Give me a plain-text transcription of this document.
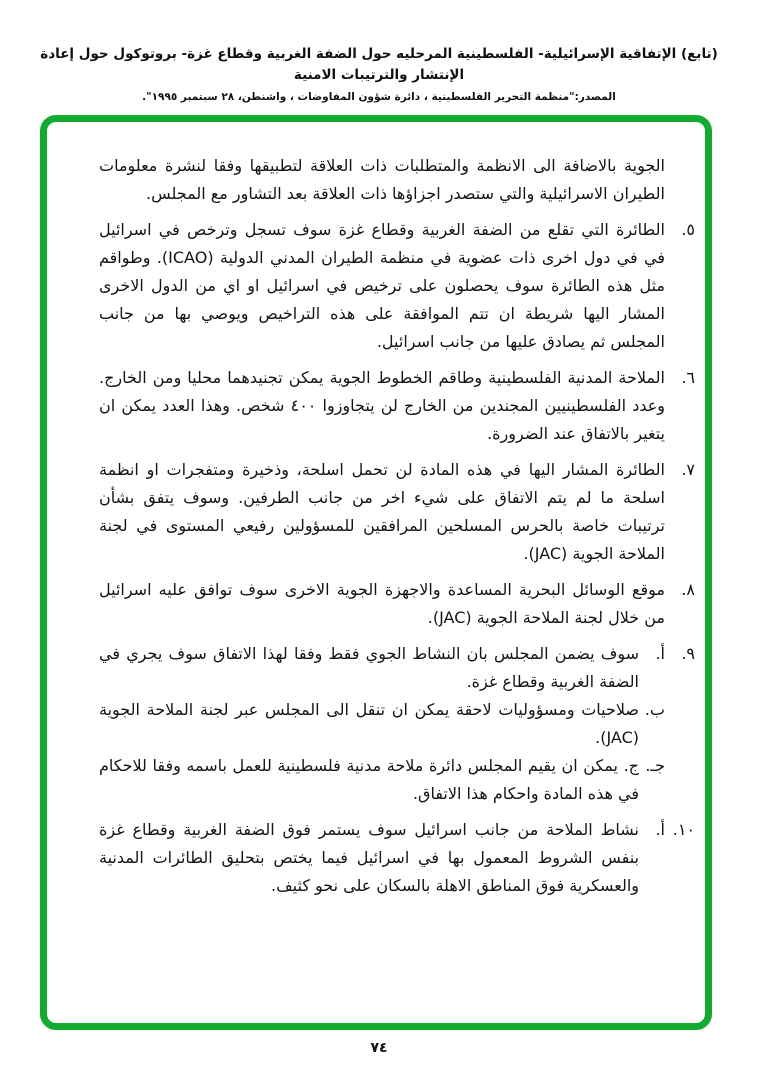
(تابع) الإتفاقية الإسرائيلية- الفلسطينية المرحليه حول الضفة الغربية وقطاع غزة- بروتوكول حول إعادة الإنتشار والترتيبات الامنية
المصدر:"منظمة التحرير الفلسطينية ، دائرة شؤون المفاوضات ، واشنطن، ٢٨ سبتمبر ١٩٩٥".

الجوية بالاضافة الى الانظمة والمتطلبات ذات العلاقة لتطبيقها وفقا لنشرة معلومات الطيران الاسرائيلية والتي ستصدر اجزاؤها ذات العلاقة بعد التشاور مع المجلس.

٥.

الطائرة التي تقلع من الضفة الغربية وقطاع غزة سوف تسجل وترخص في اسرائيل في في دول اخرى ذات عضوية في منظمة الطيران المدني الدولية (ICAO). وطواقم مثل هذه الطائرة سوف يحصلون على ترخيص في اسرائيل او اي من الدول الاخرى المشار اليها شريطة ان تتم الموافقة على هذه التراخيص ويوصي بها من جانب المجلس ثم يصادق عليها من جانب اسرائيل.

٦.

الملاحة المدنية الفلسطينية وطاقم الخطوط الجوية يمكن تجنيدهما محليا ومن الخارج. وعدد الفلسطينيين المجندين من الخارج لن يتجاوزوا ٤٠٠ شخص. وهذا العدد يمكن ان يتغير بالاتفاق عند الضرورة.

٧.

الطائرة المشار اليها في هذه المادة لن تحمل اسلحة، وذخيرة ومتفجرات او انظمة اسلحة ما لم يتم الاتفاق على شيء اخر من جانب الطرفين. وسوف يتفق بشأن ترتيبات خاصة بالحرس المسلحين المرافقين للمسؤولين رفيعي المستوى في لجنة الملاحة الجوية (JAC).

٨.

موقع الوسائل البحرية المساعدة والاجهزة الجوية الاخرى سوف توافق عليه اسرائيل من خلال لجنة الملاحة الجوية (JAC).

٩.
أ.

سوف يضمن المجلس بان النشاط الجوي فقط وفقا لهذا الاتفاق سوف يجري في الضفة الغربية وقطاع غزة.

ب.

صلاحيات ومسؤوليات لاحقة يمكن ان تنقل الى المجلس عبر لجنة الملاحة الجوية (JAC).

جـ.

ج. يمكن ان يقيم المجلس دائرة ملاحة مدنية فلسطينية للعمل باسمه وفقا للاحكام في هذه المادة واحكام هذا الاتفاق.

١٠.
أ.

نشاط الملاحة من جانب اسرائيل سوف يستمر فوق الضفة الغربية وقطاع غزة بنفس الشروط المعمول بها في اسرائيل فيما يختص بتحليق الطائرات المدنية والعسكرية فوق المناطق الاهلة بالسكان على نحو كثيف.

٧٤
